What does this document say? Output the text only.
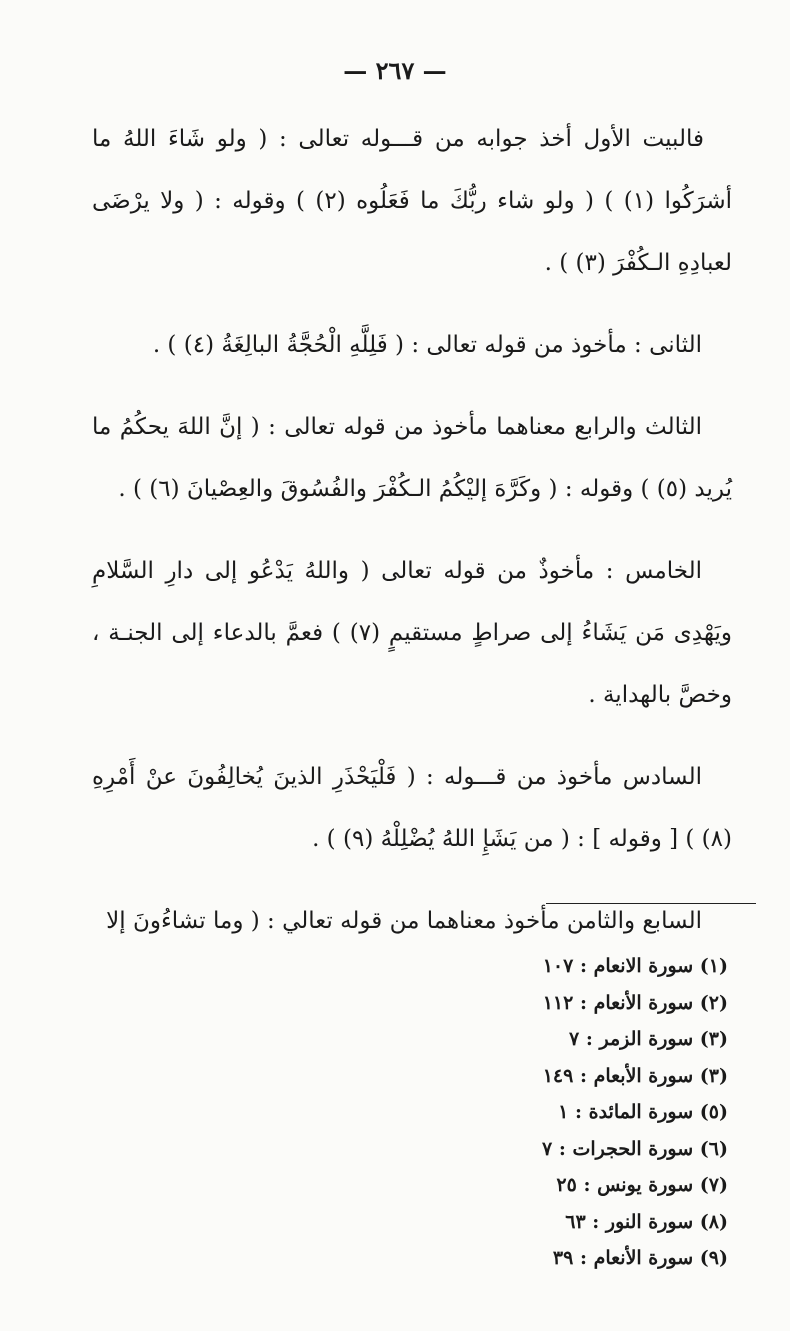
— ٢٦٧ —

فالبيت الأول أخذ جوابه من قـــوله تعالى : ( ولو شَاءَ اللهُ ما أشرَكُوا (١) ) ( ولو شاء ربُّكَ ما فَعَلُوه (٢) ) وقوله : ( ولا يرْضَى لعبادِهِ الـكُفْرَ (٣) ) .

الثانى : مأخوذ من قوله تعالى : ( فَلِلَّهِ الْحُجَّةُ البالِغَةُ (٤) ) .

الثالث والرابع معناهما مأخوذ من قوله تعالى : ( إنَّ اللهَ يحكُمُ ما يُريد (٥) ) وقوله : ( وكَرَّهَ إليْكُمُ الـكُفْرَ والفُسُوقَ والعِصْيانَ (٦) ) .

الخامس : مأخوذٌ من قوله تعالى ( واللهُ يَدْعُو إلى دارِ السَّلامِ ويَهْدِى مَن يَشَاءُ إلى صراطٍ مستقيمٍ (٧) ) فعمَّ بالدعاء إلى الجنـة ، وخصَّ بالهداية .

السادس مأخوذ من قـــوله : ( فَلْيَحْذَرِ الذينَ يُخالِفُونَ عنْ أَمْرِهِ (٨) ) [ وقوله ] : ( من يَشَإِ اللهُ يُضْلِلْهُ (٩) ) .

السابع والثامن مأخوذ معناهما من قوله تعالي : ( وما تشاءُونَ إلا

(١) سورة الانعام : ١٠٧
(٢) سورة الأنعام : ١١٢
(٣) سورة الزمر : ٧
(٣) سورة الأبعام : ١٤٩
(٥) سورة المائدة : ١
(٦) سورة الحجرات : ٧
(٧) سورة يونس : ٢٥
(٨) سورة النور : ٦٣
(٩) سورة الأنعام : ٣٩
